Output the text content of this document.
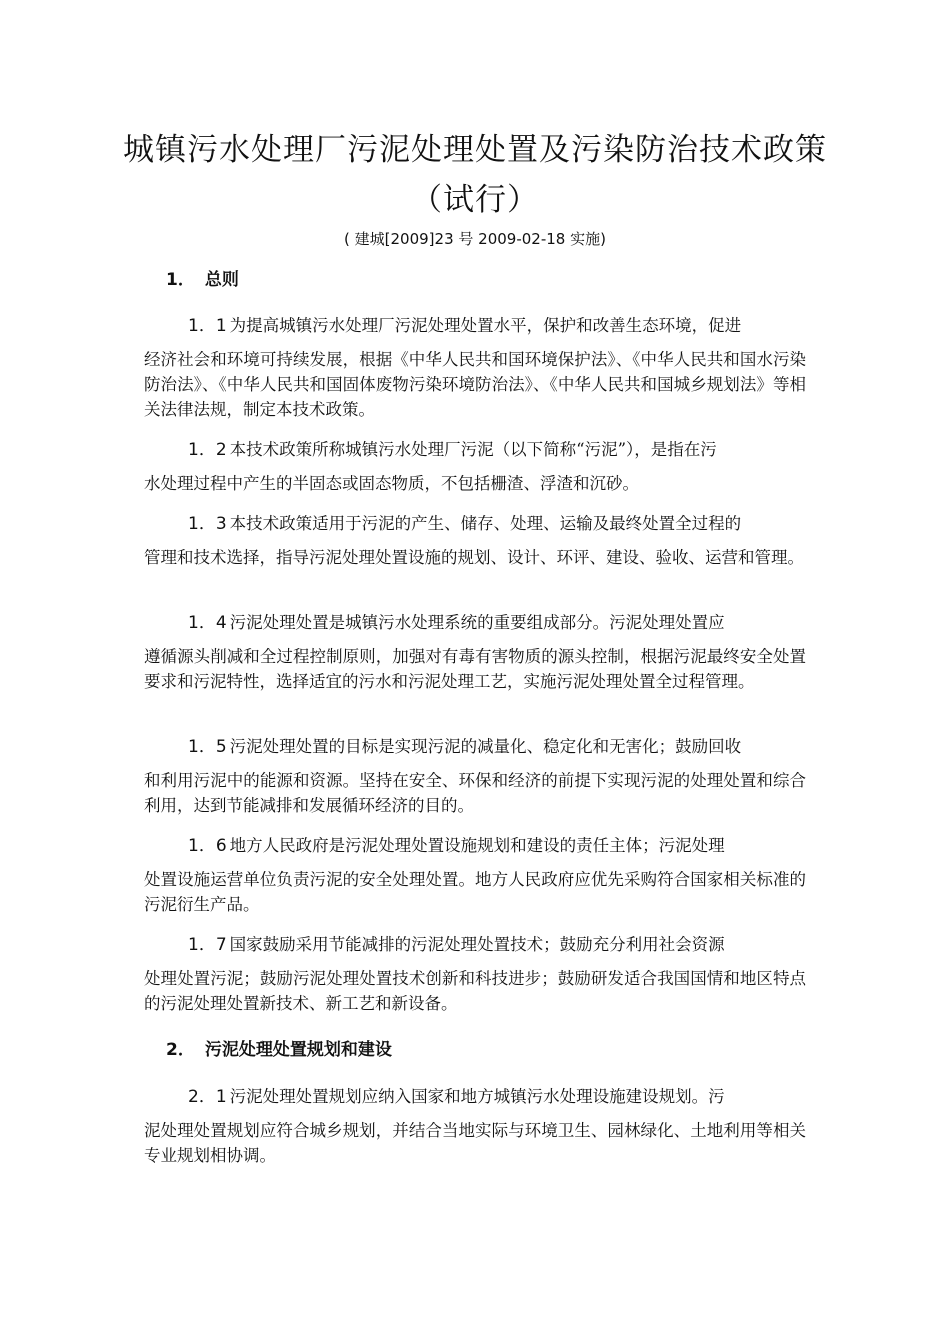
城镇污水处理厂污泥处理处置及污染防治技术政策
（试行）
( 建城[2009]23 号 2009-02-18 实施)
1． 总则
1．1 为提高城镇污水处理厂污泥处理处置水平，保护和改善生态环境，促进
经济社会和环境可持续发展，根据《中华人民共和国环境保护法》、《中华人民共和国水污染防治法》、《中华人民共和国固体废物污染环境防治法》、《中华人民共和国城乡规划法》等相关法律法规，制定本技术政策。
1．2 本技术政策所称城镇污水处理厂污泥（以下简称“污泥”），是指在污
水处理过程中产生的半固态或固态物质，不包括栅渣、浮渣和沉砂。
1．3 本技术政策适用于污泥的产生、储存、处理、运输及最终处置全过程的
管理和技术选择，指导污泥处理处置设施的规划、设计、环评、建设、验收、运营和管理。
1．4 污泥处理处置是城镇污水处理系统的重要组成部分。污泥处理处置应
遵循源头削减和全过程控制原则，加强对有毒有害物质的源头控制，根据污泥最终安全处置要求和污泥特性，选择适宜的污水和污泥处理工艺，实施污泥处理处置全过程管理。
1．5 污泥处理处置的目标是实现污泥的减量化、稳定化和无害化；鼓励回收
和利用污泥中的能源和资源。坚持在安全、环保和经济的前提下实现污泥的处理处置和综合利用，达到节能减排和发展循环经济的目的。
1．6 地方人民政府是污泥处理处置设施规划和建设的责任主体；污泥处理
处置设施运营单位负责污泥的安全处理处置。地方人民政府应优先采购符合国家相关标准的污泥衍生产品。
1．7 国家鼓励采用节能减排的污泥处理处置技术；鼓励充分利用社会资源
处理处置污泥；鼓励污泥处理处置技术创新和科技进步；鼓励研发适合我国国情和地区特点的污泥处理处置新技术、新工艺和新设备。
2． 污泥处理处置规划和建设
2．1 污泥处理处置规划应纳入国家和地方城镇污水处理设施建设规划。污
泥处理处置规划应符合城乡规划，并结合当地实际与环境卫生、园林绿化、土地利用等相关专业规划相协调。
